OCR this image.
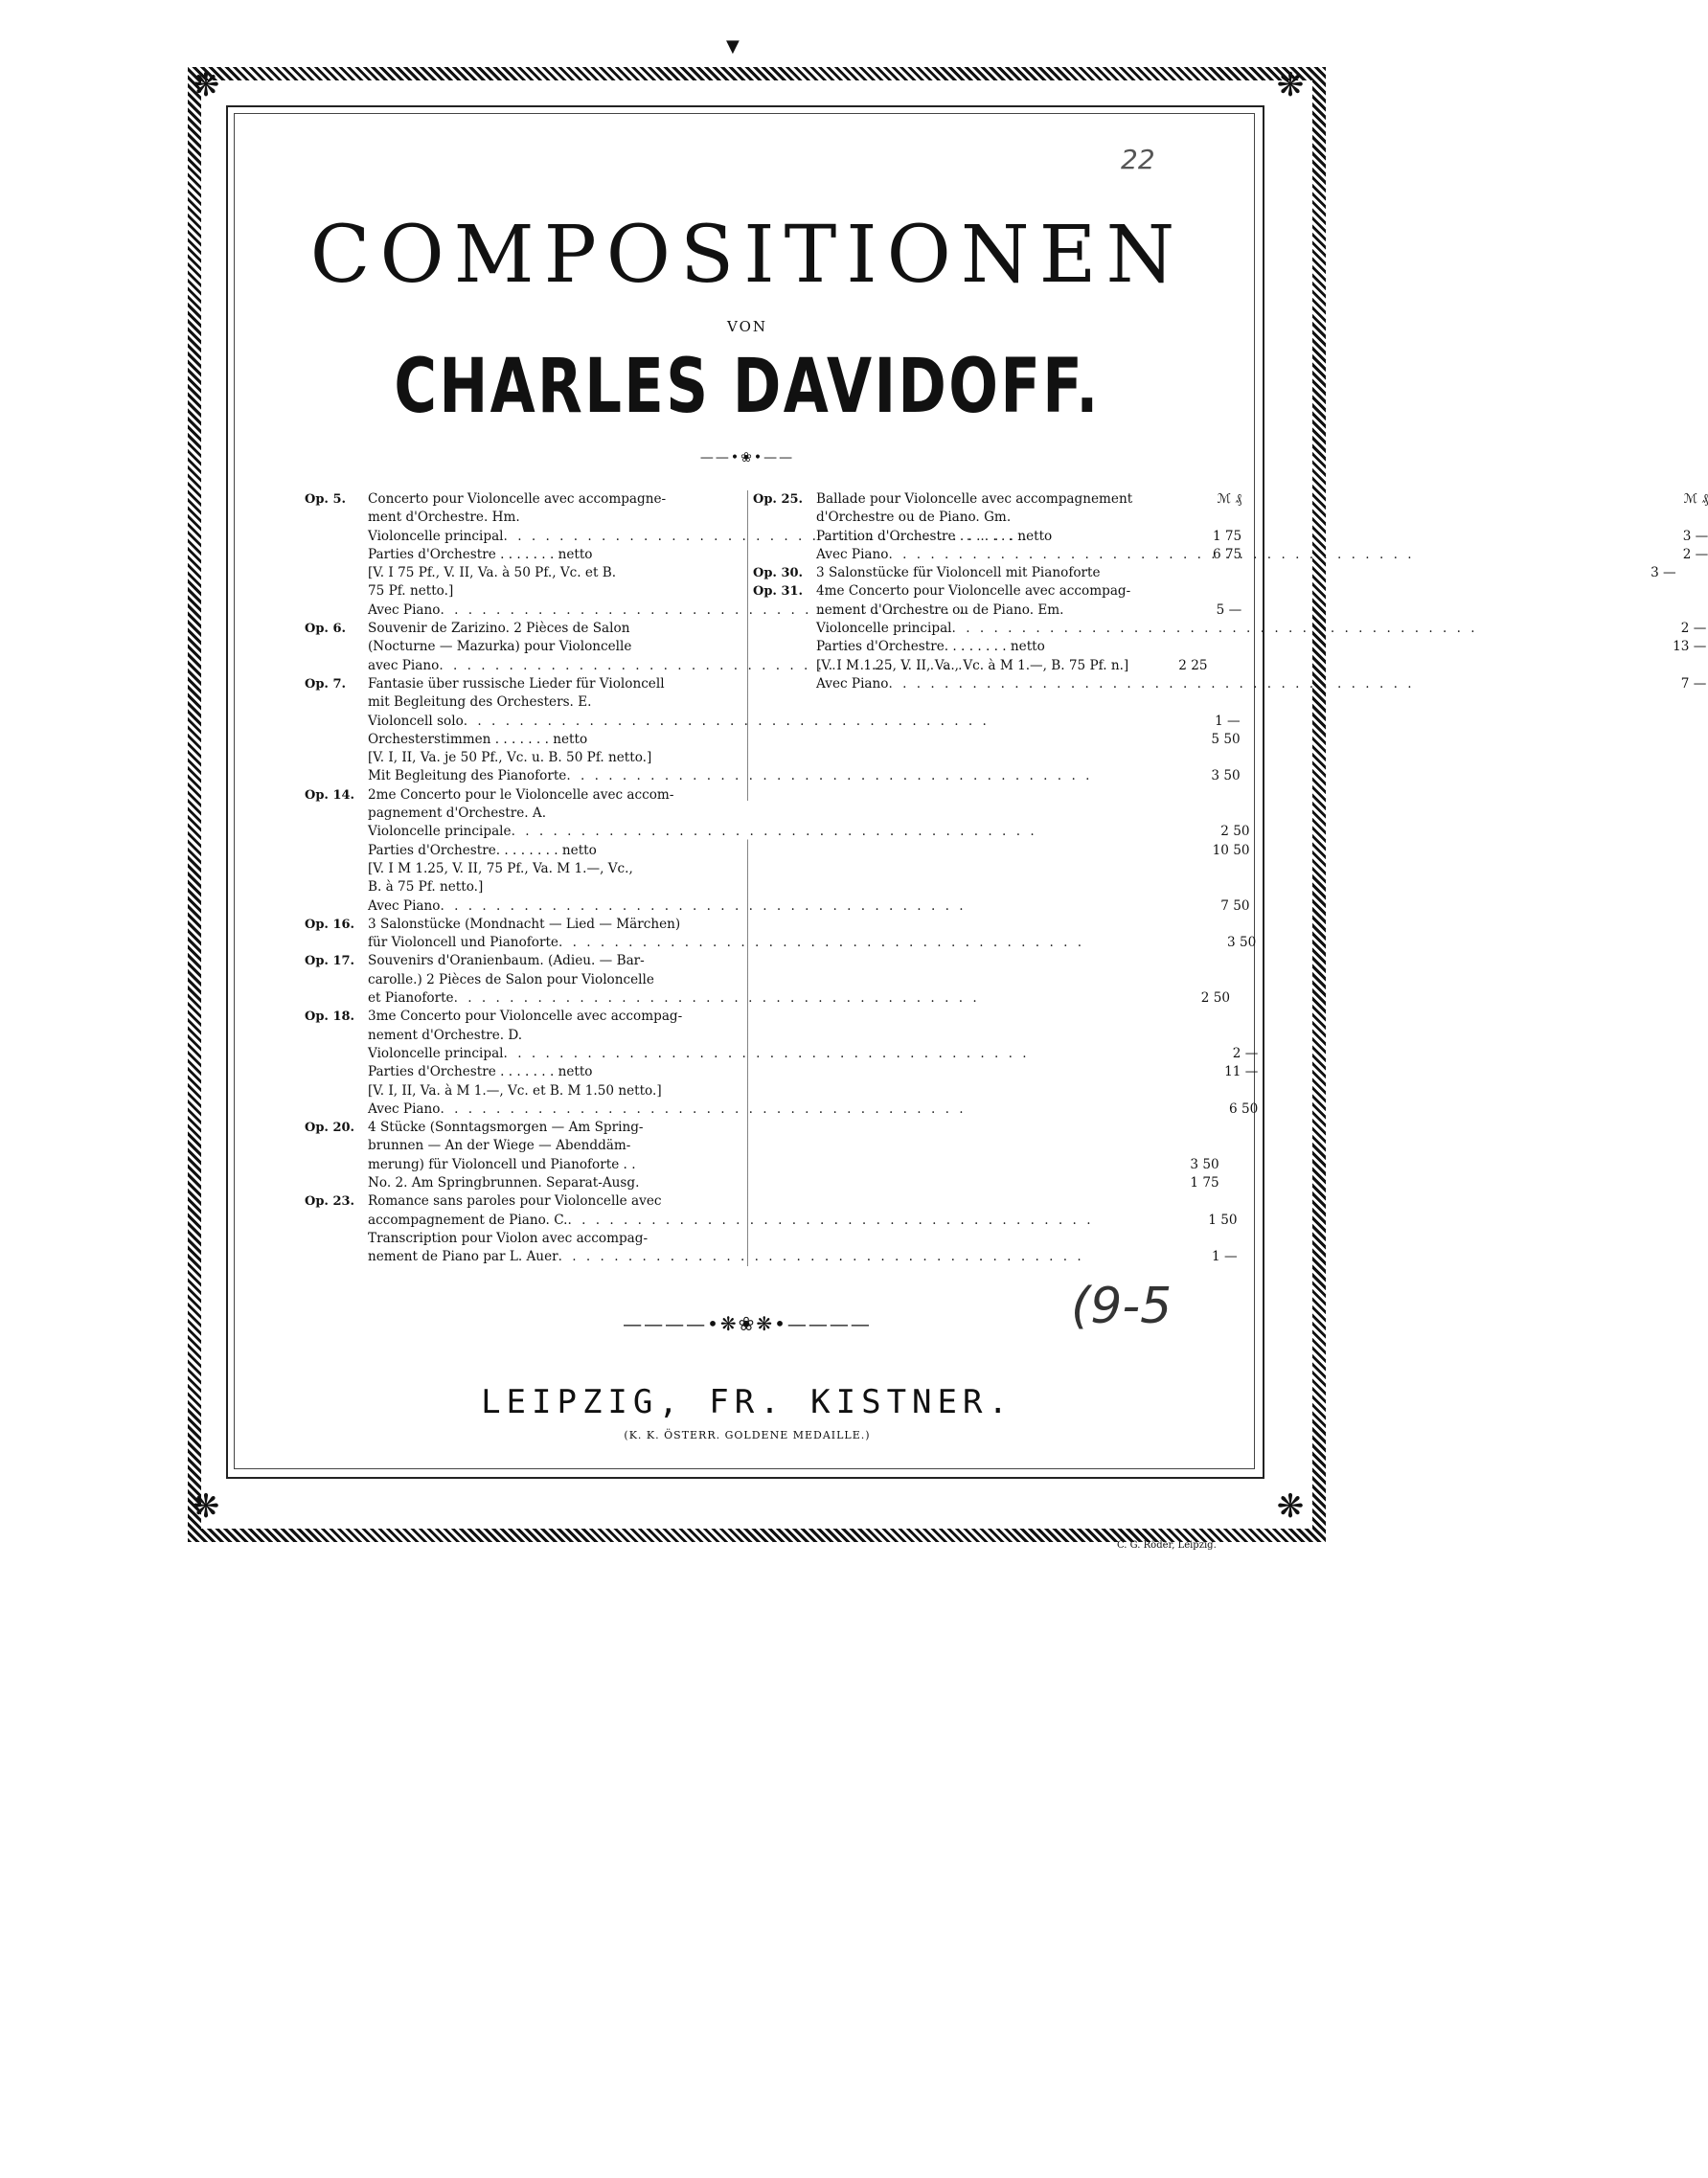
▼
❋	❋
❋	❋
22
COMPOSITIONEN
VON
CHARLES DAVIDOFF.
——•❀•——
Op. 5.	Concerto pour Violoncelle avec accompagne-	ℳ ₰
ment d'Orchestre. Hm.
Violoncelle principal . . .	1 75
Parties d'Orchestre . . . . . . . netto	6 75
[V. I 75 Pf., V. II, Va. à 50 Pf., Vc. et B.
75 Pf. netto.]
Avec Piano . . .	5 —
Op. 6.	Souvenir de Zarizino. 2 Pièces de Salon
(Nocturne — Mazurka) pour Violoncelle
avec Piano . . .	2 25
Op. 7.	Fantasie über russische Lieder für Violoncell
mit Begleitung des Orchesters. E.
Violoncell solo . . .	1 —
Orchesterstimmen . . . . . . . netto	5 50
[V. I, II, Va. je 50 Pf., Vc. u. B. 50 Pf. netto.]
Mit Begleitung des Pianoforte . . .	3 50
Op. 14.	2me Concerto pour le Violoncelle avec accom-
pagnement d'Orchestre. A.
Violoncelle principale . . .	2 50
Parties d'Orchestre. . . . . . . . netto	10 50
[V. I M 1.25, V. II, 75 Pf., Va. M 1.—, Vc.,
B. à 75 Pf. netto.]
Avec Piano . . .	7 50
Op. 16.	3 Salonstücke (Mondnacht — Lied — Märchen)
für Violoncell und Pianoforte . . .	3 50
Op. 17.	Souvenirs d'Oranienbaum. (Adieu. — Bar-
carolle.) 2 Pièces de Salon pour Violoncelle
et Pianoforte . . .	2 50
Op. 18.	3me Concerto pour Violoncelle avec accompag-
nement d'Orchestre. D.
Violoncelle principal . . .	2 —
Parties d'Orchestre . . . . . . . netto	11 —
[V. I, II, Va. à M 1.—, Vc. et B. M 1.50 netto.]
Avec Piano . . .	6 50
Op. 20.	4 Stücke (Sonntagsmorgen — Am Spring-
brunnen — An der Wiege — Abenddäm-
merung) für Violoncell und Pianoforte . .	3 50
No. 2. Am Springbrunnen. Separat-Ausg.	1 75
Op. 23.	Romance sans paroles pour Violoncelle avec
accompagnement de Piano. C. . . .	1 50
Transcription pour Violon avec accompag-
nement de Piano par L. Auer . . .	1 —
Op. 25.	Ballade pour Violoncelle avec accompagnement	ℳ ₰
d'Orchestre ou de Piano. Gm.
Partition d'Orchestre . . . . . . . netto	3 —
Avec Piano . . .	2 —
Op. 30.	3 Salonstücke für Violoncell mit Pianoforte	3 —
Op. 31.	4me Concerto pour Violoncelle avec accompag-
nement d'Orchestre ou de Piano. Em.
Violoncelle principal . . .	2 —
Parties d'Orchestre. . . . . . . . netto	13 —
[V. I M 1.25, V. II, Va., Vc. à M 1.—, B. 75 Pf. n.]
Avec Piano . . .	7 —
(9-5
————•❋❀❋•————
LEIPZIG, FR. KISTNER.
(K. K. ÖSTERR. GOLDENE MEDAILLE.)
C. G. Röder, Leipzig.
